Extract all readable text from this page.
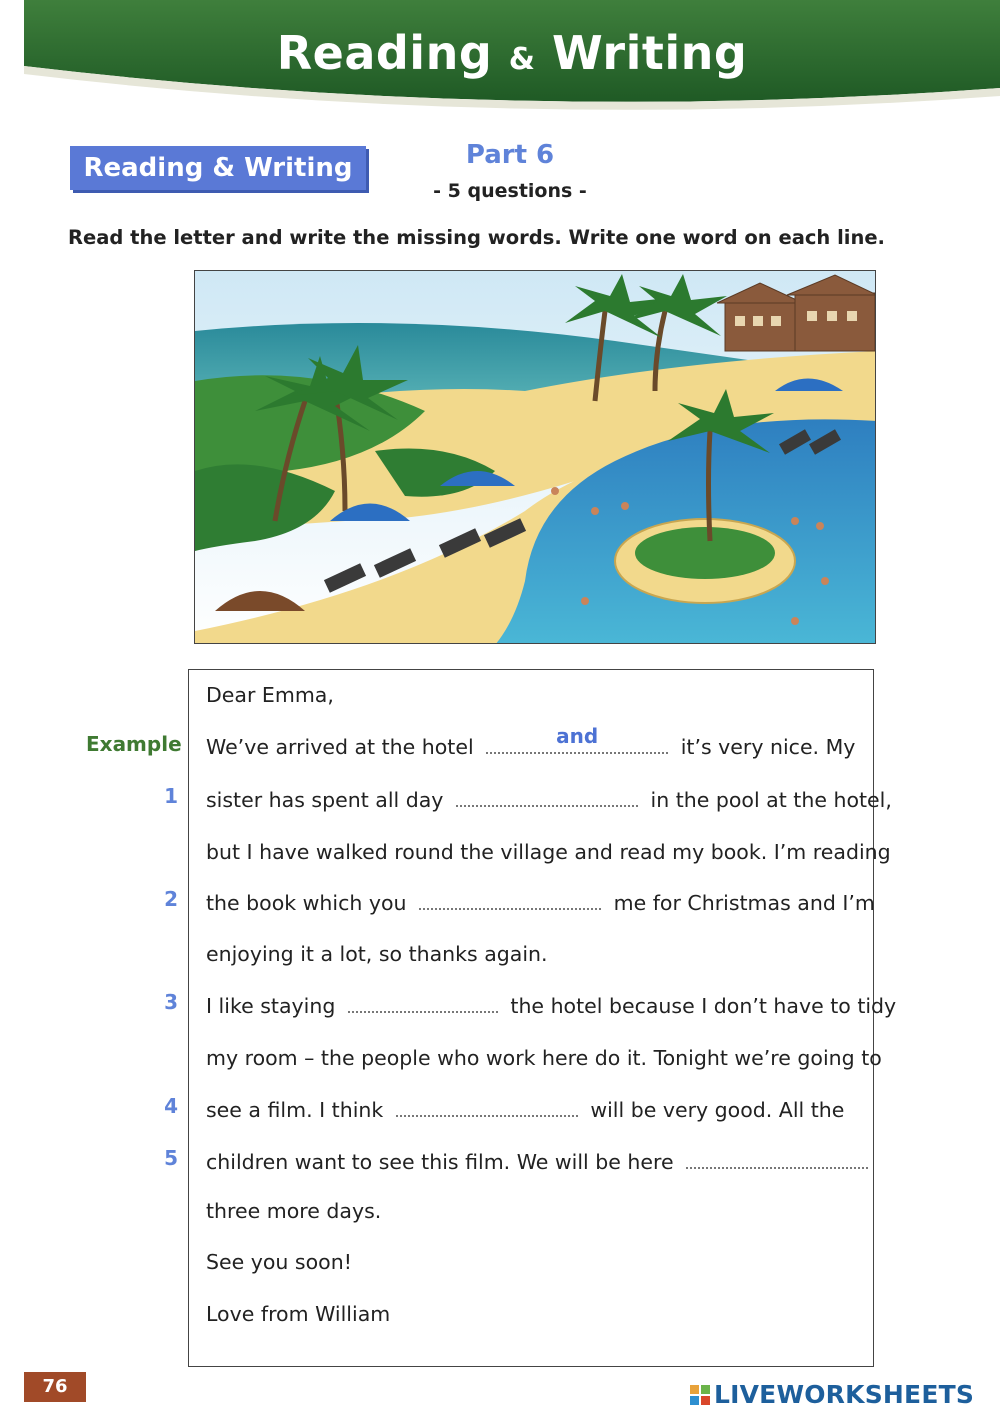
Reading & Writing
Reading & Writing	Part 6
- 5 questions -
Read the letter and write the missing words. Write one word on each line.
Example
1
2
3
4
5
Dear Emma,
We’ve arrived at the hotel	and	it’s very nice. My
sister has spent all day	in the pool at the hotel,
but I have walked round the village and read my book. I’m reading
the book which you	me for Christmas and I’m
enjoying it a lot, so thanks again.
I like staying	the hotel because I don’t have to tidy
my room – the people who work here do it. Tonight we’re going to
see a film. I think	will be very good. All the
children want to see this film. We will be here
three more days.
See you soon!
Love from William
76	LIVEWORKSHEETS
